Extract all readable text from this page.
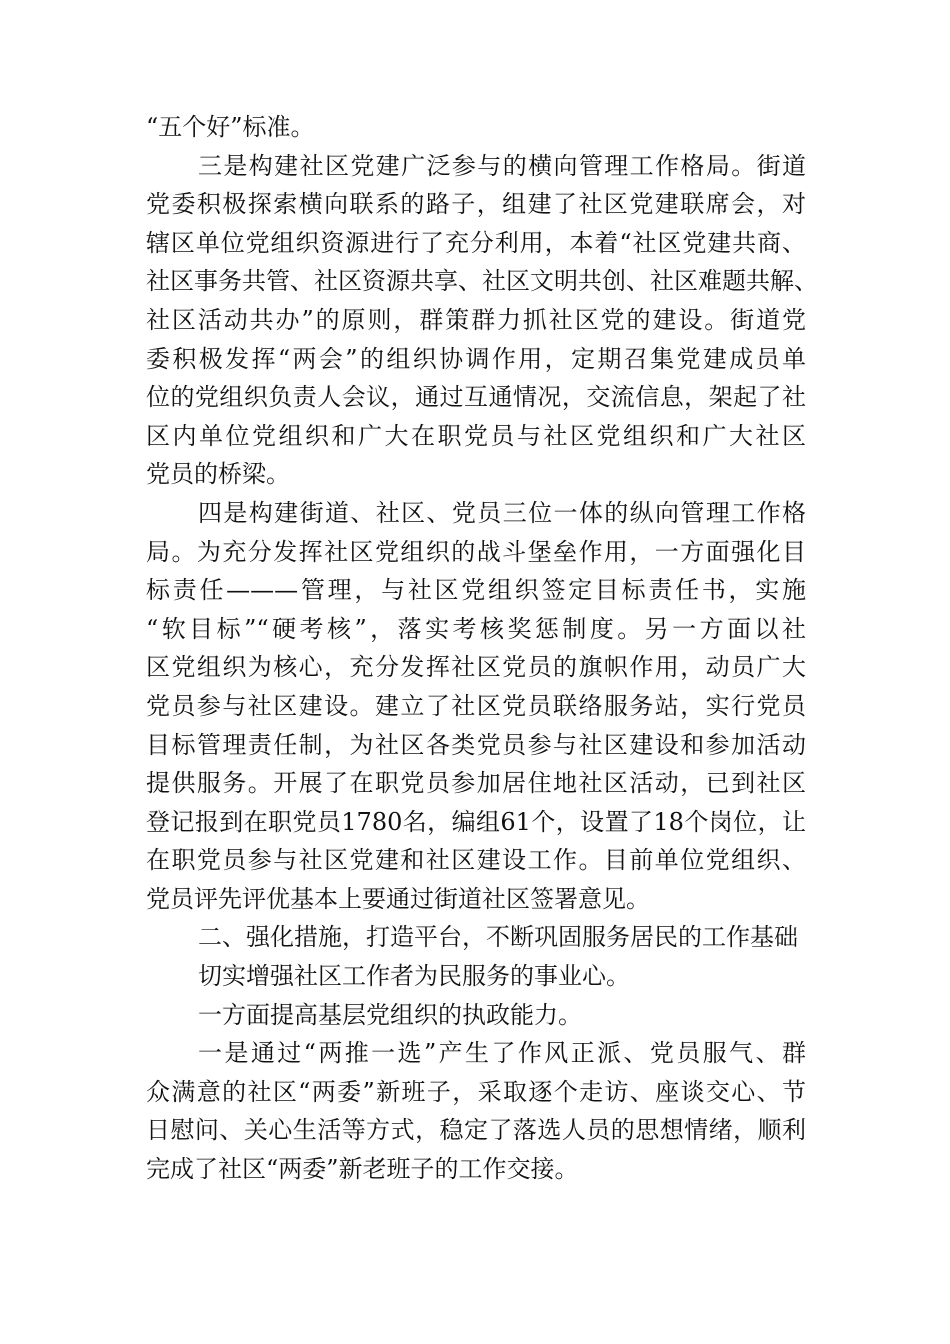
“五个好”标准。
三是构建社区党建广泛参与的横向管理工作格局。街道
党委积极探索横向联系的路子，组建了社区党建联席会，对
辖区单位党组织资源进行了充分利用，本着“社区党建共商、
社区事务共管、社区资源共享、社区文明共创、社区难题共解、
社区活动共办”的原则，群策群力抓社区党的建设。街道党
委积极发挥“两会”的组织协调作用，定期召集党建成员单
位的党组织负责人会议，通过互通情况，交流信息，架起了社
区内单位党组织和广大在职党员与社区党组织和广大社区
党员的桥梁。
四是构建街道、社区、党员三位一体的纵向管理工作格
局。为充分发挥社区党组织的战斗堡垒作用，一方面强化目
标责任———管理，与社区党组织签定目标责任书，实施
“软目标”“硬考核”，落实考核奖惩制度。另一方面以社
区党组织为核心，充分发挥社区党员的旗帜作用，动员广大
党员参与社区建设。建立了社区党员联络服务站，实行党员
目标管理责任制，为社区各类党员参与社区建设和参加活动
提供服务。开展了在职党员参加居住地社区活动，已到社区
登记报到在职党员1780名，编组61个，设置了18个岗位，让
在职党员参与社区党建和社区建设工作。目前单位党组织、
党员评先评优基本上要通过街道社区签署意见。
二、强化措施，打造平台，不断巩固服务居民的工作基础
切实增强社区工作者为民服务的事业心。
一方面提高基层党组织的执政能力。
一是通过“两推一选”产生了作风正派、党员服气、群
众满意的社区“两委”新班子，采取逐个走访、座谈交心、节
日慰问、关心生活等方式，稳定了落选人员的思想情绪，顺利
完成了社区“两委”新老班子的工作交接。
